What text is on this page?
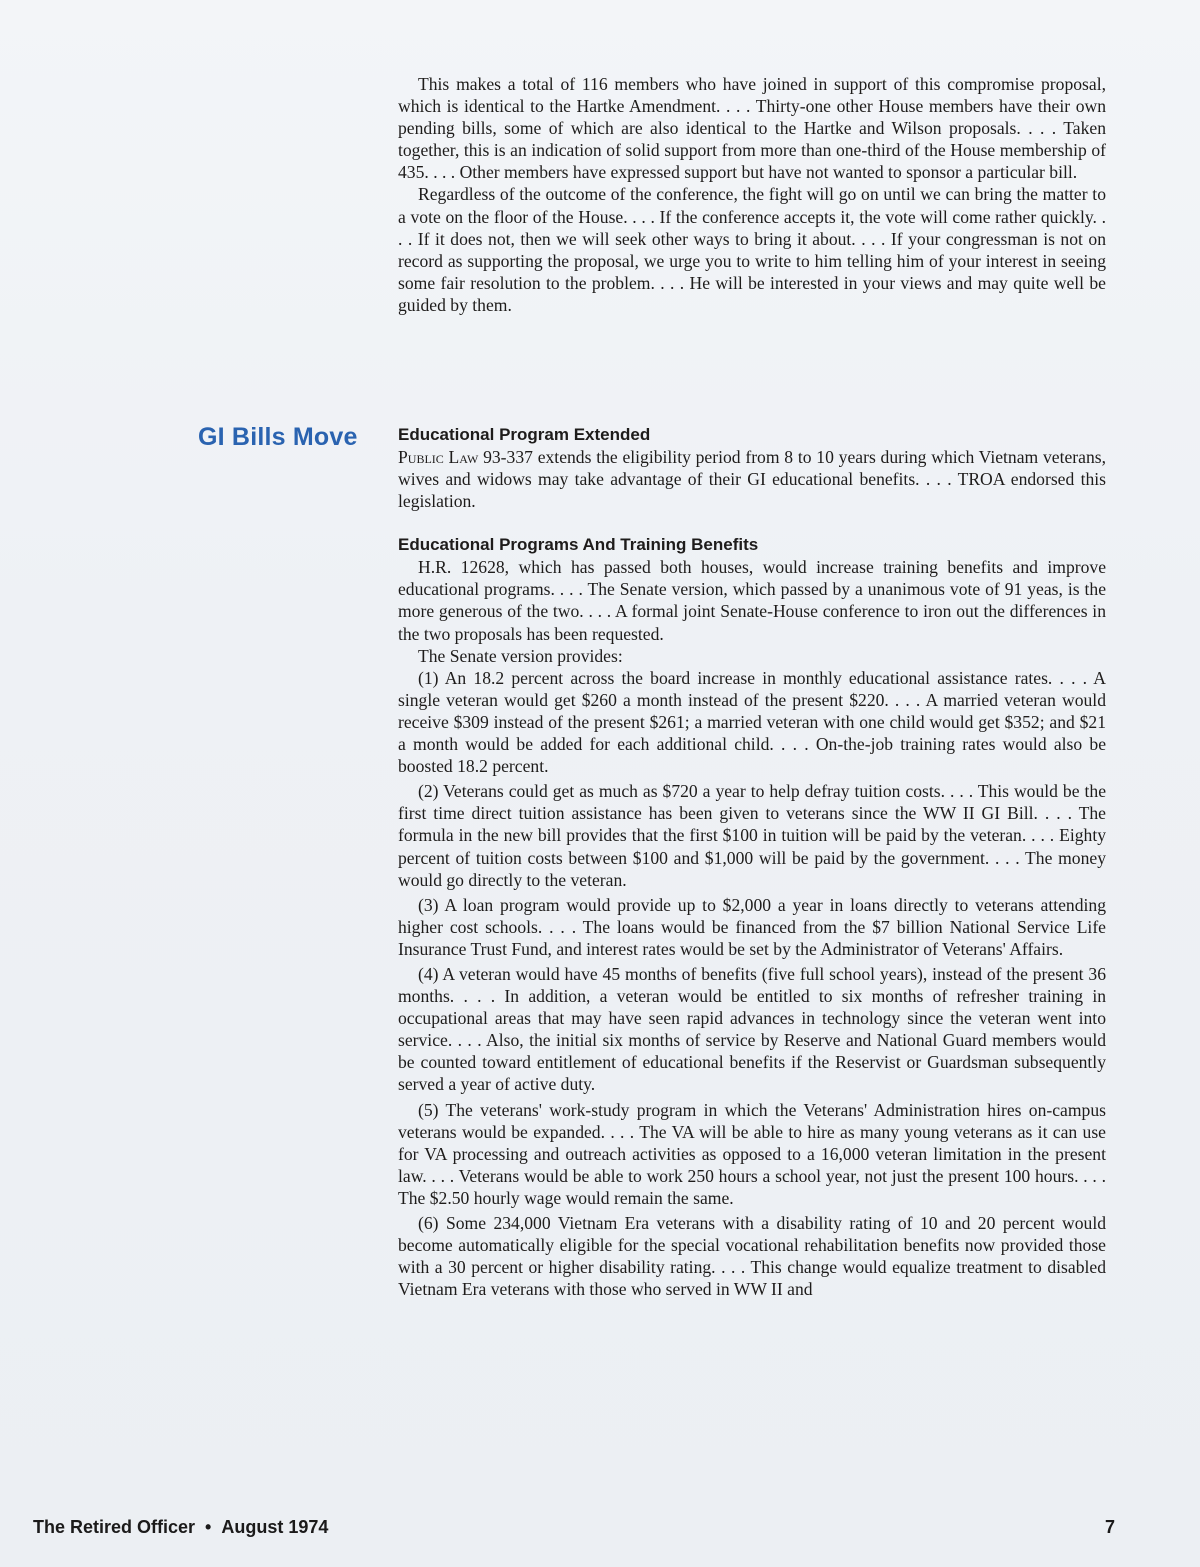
This makes a total of 116 members who have joined in support of this compromise proposal, which is identical to the Hartke Amendment. . . . Thirty-one other House members have their own pending bills, some of which are also identical to the Hartke and Wilson proposals. . . . Taken together, this is an indication of solid support from more than one-third of the House membership of 435. . . . Other members have expressed support but have not wanted to sponsor a particular bill.

Regardless of the outcome of the conference, the fight will go on until we can bring the matter to a vote on the floor of the House. . . . If the conference accepts it, the vote will come rather quickly. . . . If it does not, then we will seek other ways to bring it about. . . . If your congressman is not on record as supporting the proposal, we urge you to write to him telling him of your interest in seeing some fair resolution to the problem. . . . He will be interested in your views and may quite well be guided by them.

GI Bills Move Educational Program Extended

Public Law 93-337 extends the eligibility period from 8 to 10 years during which Vietnam veterans, wives and widows may take advantage of their GI educational benefits. . . . TROA endorsed this legislation.

Educational Programs And Training Benefits

H.R. 12628, which has passed both houses, would increase training benefits and improve educational programs. . . . The Senate version, which passed by a unanimous vote of 91 yeas, is the more generous of the two. . . . A formal joint Senate-House conference to iron out the differences in the two proposals has been requested.

The Senate version provides:

(1) An 18.2 percent across the board increase in monthly educational assistance rates. . . . A single veteran would get $260 a month instead of the present $220. . . . A married veteran would receive $309 instead of the present $261; a married veteran with one child would get $352; and $21 a month would be added for each additional child. . . . On-the-job training rates would also be boosted 18.2 percent.

(2) Veterans could get as much as $720 a year to help defray tuition costs. . . . This would be the first time direct tuition assistance has been given to veterans since the WW II GI Bill. . . . The formula in the new bill provides that the first $100 in tuition will be paid by the veteran. . . . Eighty percent of tuition costs between $100 and $1,000 will be paid by the government. . . . The money would go directly to the veteran.

(3) A loan program would provide up to $2,000 a year in loans directly to veterans attending higher cost schools. . . . The loans would be financed from the $7 billion National Service Life Insurance Trust Fund, and interest rates would be set by the Administrator of Veterans' Affairs.

(4) A veteran would have 45 months of benefits (five full school years), instead of the present 36 months. . . . In addition, a veteran would be entitled to six months of refresher training in occupational areas that may have seen rapid advances in technology since the veteran went into service. . . . Also, the initial six months of service by Reserve and National Guard members would be counted toward entitlement of educational benefits if the Reservist or Guardsman subsequently served a year of active duty.

(5) The veterans' work-study program in which the Veterans' Administration hires on-campus veterans would be expanded. . . . The VA will be able to hire as many young veterans as it can use for VA processing and outreach activities as opposed to a 16,000 veteran limitation in the present law. . . . Veterans would be able to work 250 hours a school year, not just the present 100 hours. . . . The $2.50 hourly wage would remain the same.

(6) Some 234,000 Vietnam Era veterans with a disability rating of 10 and 20 percent would become automatically eligible for the special vocational rehabilitation benefits now provided those with a 30 percent or higher disability rating. . . . This change would equalize treatment to disabled Vietnam Era veterans with those who served in WW II and

The Retired Officer • August 1974	7
